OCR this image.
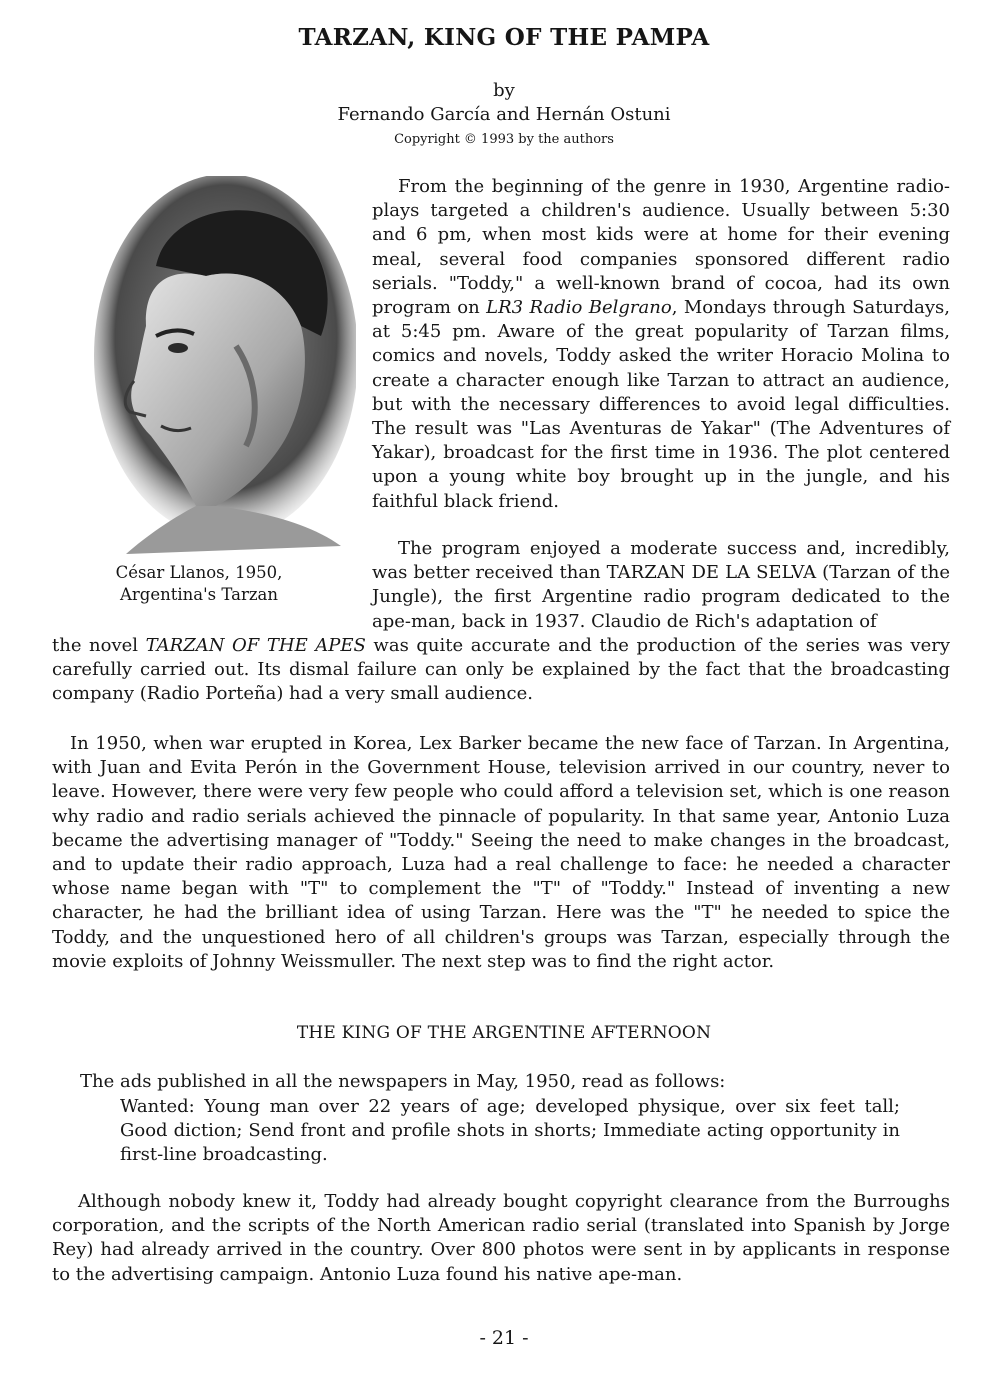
TARZAN, KING OF THE PAMPA
by
Fernando García and Hernán Ostuni
Copyright © 1993 by the authors
César Llanos, 1950,
Argentina's Tarzan

From the beginning of the genre in 1930, Argentine radio-plays targeted a children's audience. Usually between 5:30 and 6 pm, when most kids were at home for their evening meal, several food companies sponsored different radio serials. "Toddy," a well-known brand of cocoa, had its own program on LR3 Radio Belgrano, Mondays through Saturdays, at 5:45 pm. Aware of the great popularity of Tarzan films, comics and novels, Toddy asked the writer Horacio Molina to create a character enough like Tarzan to attract an audience, but with the necessary differences to avoid legal difficulties. The result was "Las Aventuras de Yakar" (The Adventures of Yakar), broadcast for the first time in 1936. The plot centered upon a young white boy brought up in the jungle, and his faithful black friend.

The program enjoyed a moderate success and, incredibly, was better received than TARZAN DE LA SELVA (Tarzan of the Jungle), the first Argentine radio program dedicated to the ape-man, back in 1937. Claudio de Rich's adaptation of

the novel TARZAN OF THE APES was quite accurate and the production of the series was very carefully carried out. Its dismal failure can only be explained by the fact that the broadcasting company (Radio Porteña) had a very small audience.

In 1950, when war erupted in Korea, Lex Barker became the new face of Tarzan. In Argentina, with Juan and Evita Perón in the Government House, television arrived in our country, never to leave. However, there were very few people who could afford a television set, which is one reason why radio and radio serials achieved the pinnacle of popularity. In that same year, Antonio Luza became the advertising manager of "Toddy." Seeing the need to make changes in the broadcast, and to update their radio approach, Luza had a real challenge to face: he needed a character whose name began with "T" to complement the "T" of "Toddy." Instead of inventing a new character, he had the brilliant idea of using Tarzan. Here was the "T" he needed to spice the Toddy, and the unquestioned hero of all children's groups was Tarzan, especially through the movie exploits of Johnny Weissmuller. The next step was to find the right actor.

THE KING OF THE ARGENTINE AFTERNOON

The ads published in all the newspapers in May, 1950, read as follows:

Wanted: Young man over 22 years of age; developed physique, over six feet tall; Good diction; Send front and profile shots in shorts; Immediate acting opportunity in first-line broadcasting.

Although nobody knew it, Toddy had already bought copyright clearance from the Burroughs corporation, and the scripts of the North American radio serial (translated into Spanish by Jorge Rey) had already arrived in the country. Over 800 photos were sent in by applicants in response to the advertising campaign. Antonio Luza found his native ape-man.

- 21 -
